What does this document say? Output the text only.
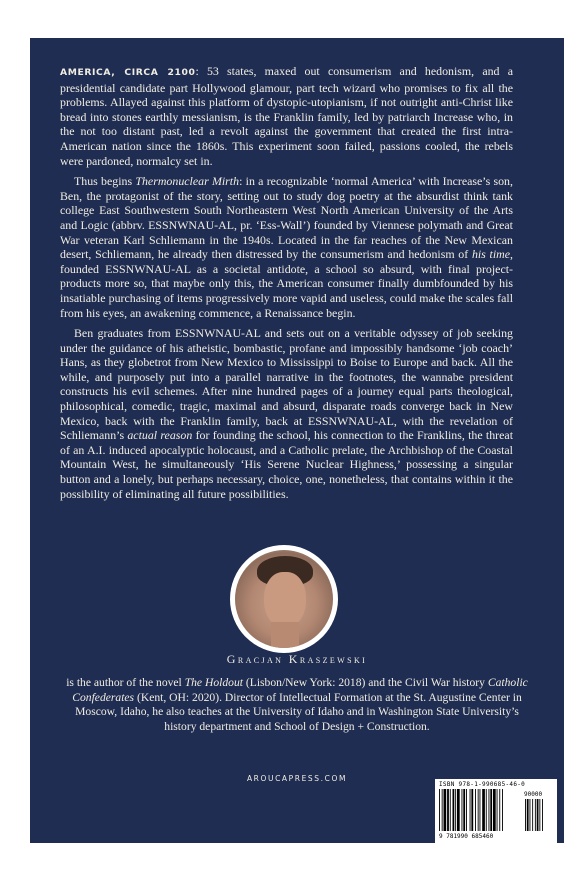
AMERICA, CIRCA 2100: 53 states, maxed out consumerism and hedonism, and a presidential candidate part Hollywood glamour, part tech wizard who promises to fix all the problems. Allayed against this platform of dystopic-utopianism, if not outright anti-Christ like bread into stones earthly messianism, is the Franklin family, led by patriarch Increase who, in the not too distant past, led a revolt against the government that created the first intra-American nation since the 1860s. This experiment soon failed, passions cooled, the rebels were pardoned, normalcy set in.

Thus begins Thermonuclear Mirth: in a recognizable ‘normal America’ with Increase’s son, Ben, the protagonist of the story, setting out to study dog poetry at the absurdist think tank college East Southwestern South Northeastern West North American University of the Arts and Logic (abbrv. ESSNWNAU-AL, pr. ‘Ess-Wall’) founded by Viennese polymath and Great War veteran Karl Schliemann in the 1940s. Located in the far reaches of the New Mexican desert, Schliemann, he already then distressed by the consumerism and hedonism of his time, founded ESSNWNAU-AL as a societal antidote, a school so absurd, with final project-products more so, that maybe only this, the American consumer finally dumbfounded by his insatiable purchasing of items progressively more vapid and useless, could make the scales fall from his eyes, an awakening commence, a Renaissance begin.

Ben graduates from ESSNWNAU-AL and sets out on a veritable odyssey of job seeking under the guidance of his atheistic, bombastic, profane and impossibly handsome ‘job coach’ Hans, as they globetrot from New Mexico to Mississippi to Boise to Europe and back. All the while, and purposely put into a parallel narrative in the footnotes, the wannabe president constructs his evil schemes. After nine hundred pages of a journey equal parts theological, philosophical, comedic, tragic, maximal and absurd, disparate roads converge back in New Mexico, back with the Franklin family, back at ESSNWNAU-AL, with the revelation of Schliemann’s actual reason for founding the school, his connection to the Franklins, the threat of an A.I. induced apocalyptic holocaust, and a Catholic prelate, the Archbishop of the Coastal Mountain West, he simultaneously ‘His Serene Nuclear Highness,’ possessing a singular button and a lonely, but perhaps necessary, choice, one, nonetheless, that contains within it the possibility of eliminating all future possibilities.

Gracjan Kraszewski
is the author of the novel The Holdout (Lisbon/New York: 2018) and the Civil War history Catholic Confederates (Kent, OH: 2020). Director of Intellectual Formation at the St. Augustine Center in Moscow, Idaho, he also teaches at the University of Idaho and in Washington State University’s history department and School of Design + Construction.
AROUCAPRESS.COM
ISBN 978-1-990685-46-0
9 781990 685460
90000
